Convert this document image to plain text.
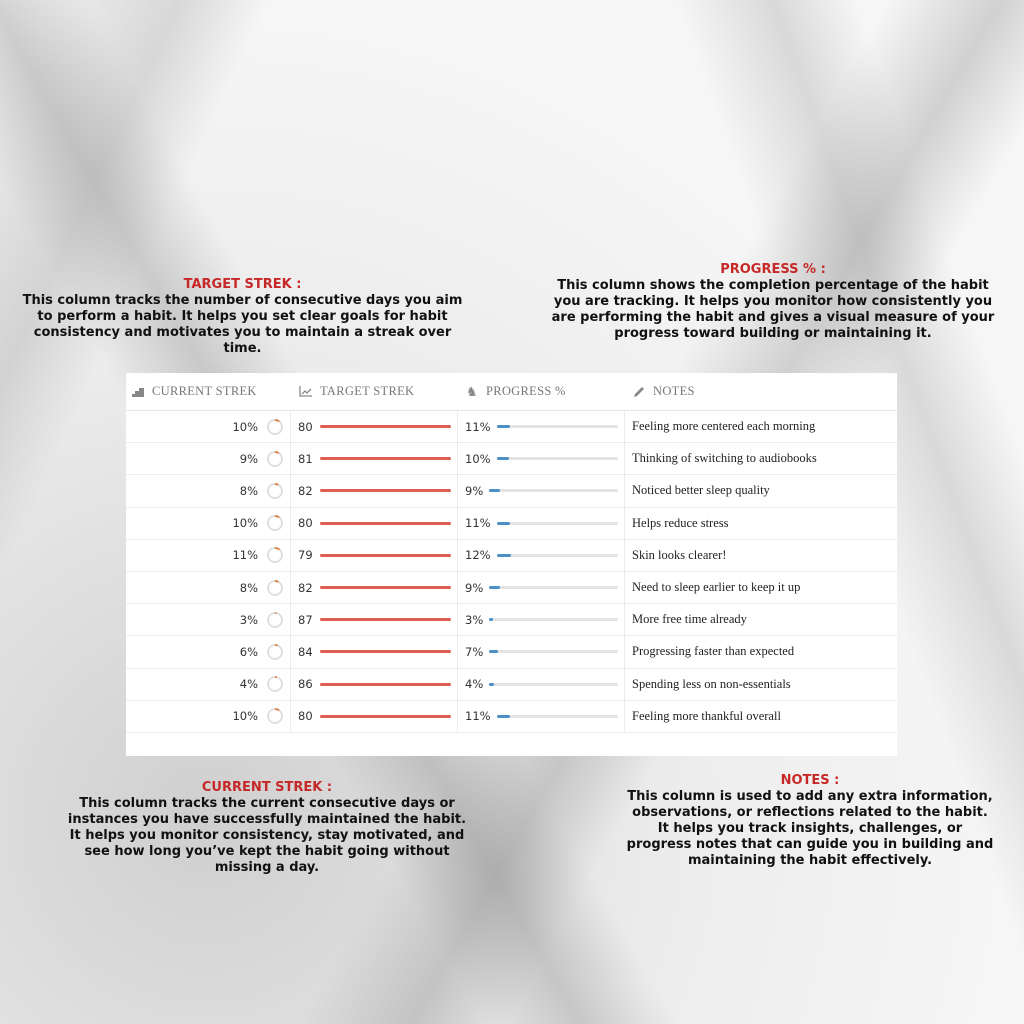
TARGET STREK :
This column tracks the number of consecutive days you aim to perform a habit. It helps you set clear goals for habit consistency and motivates you to maintain a streak over time.
PROGRESS % :
This column shows the completion percentage of the habit you are tracking. It helps you monitor how consistently you are performing the habit and gives a visual measure of your progress toward building or maintaining it.
CURRENT STREK :
This column tracks the current consecutive days or instances you have successfully maintained the habit. It helps you monitor consistency, stay motivated, and see how long you’ve kept the habit going without missing a day.
NOTES :
This column is used to add any extra information, observations, or reflections related to the habit. It helps you track insights, challenges, or progress notes that can guide you in building and maintaining the habit effectively.
CURRENT STREK	TARGET STREK	♞ PROGRESS %	NOTES
10%	80	11%	Feeling more centered each morning
9%	81	10%	Thinking of switching to audiobooks
8%	82	9%	Noticed better sleep quality
10%	80	11%	Helps reduce stress
11%	79	12%	Skin looks clearer!
8%	82	9%	Need to sleep earlier to keep it up
3%	87	3%	More free time already
6%	84	7%	Progressing faster than expected
4%	86	4%	Spending less on non-essentials
10%	80	11%	Feeling more thankful overall
